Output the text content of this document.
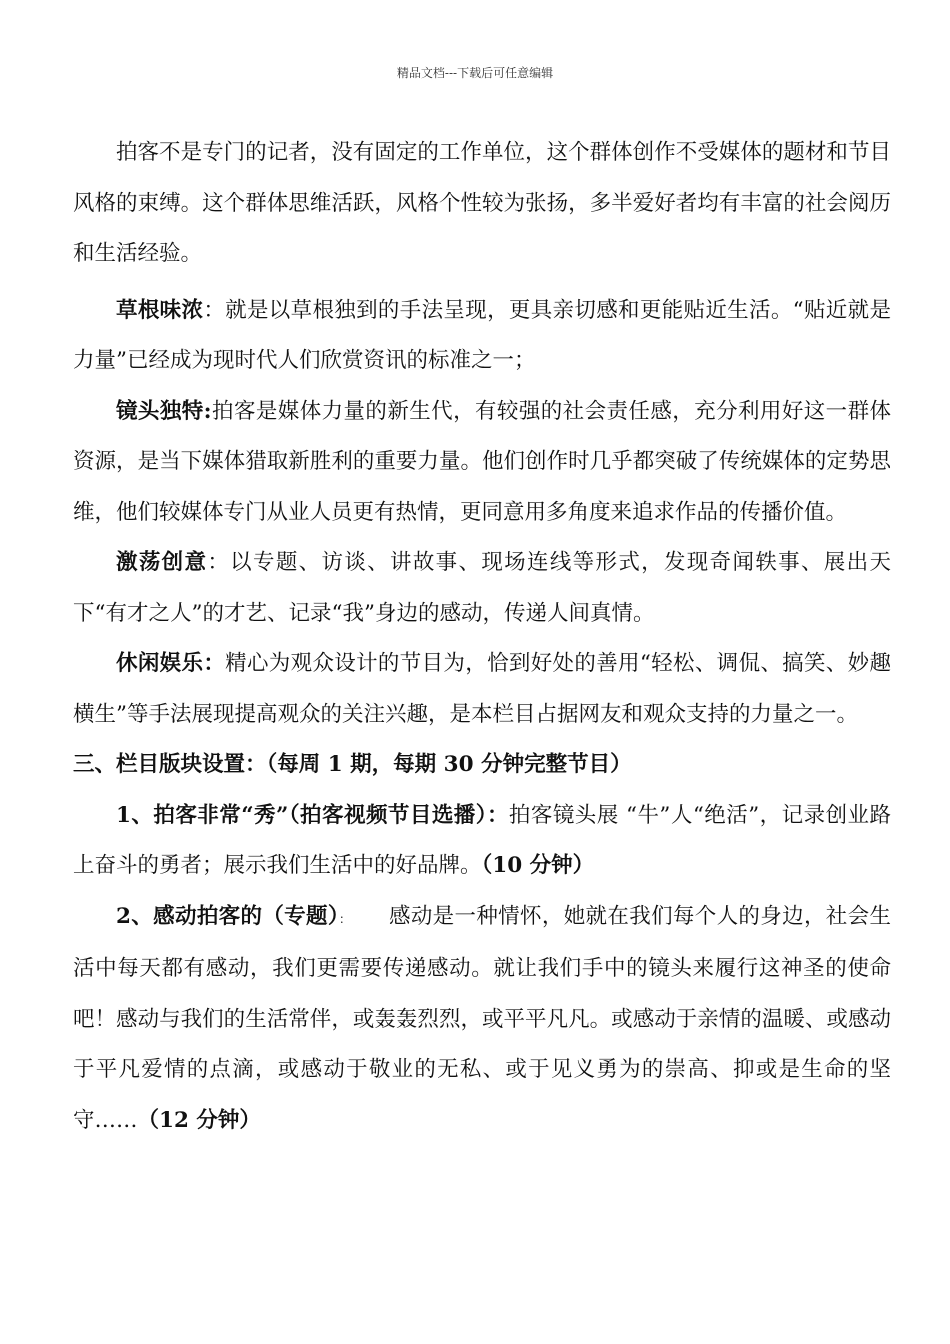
精品文档---下载后可任意编辑

拍客不是专门的记者，没有固定的工作单位，这个群体创作不受媒体的题材和节目风格的束缚。这个群体思维活跃，风格个性较为张扬，多半爱好者均有丰富的社会阅历和生活经验。

草根味浓：就是以草根独到的手法呈现，更具亲切感和更能贴近生活。“贴近就是力量”已经成为现时代人们欣赏资讯的标准之一；

镜头独特:拍客是媒体力量的新生代，有较强的社会责任感，充分利用好这一群体资源，是当下媒体猎取新胜利的重要力量。他们创作时几乎都突破了传统媒体的定势思维，他们较媒体专门从业人员更有热情，更同意用多角度来追求作品的传播价值。

激荡创意：以专题、访谈、讲故事、现场连线等形式，发现奇闻轶事、展出天下“有才之人”的才艺、记录“我”身边的感动，传递人间真情。

休闲娱乐：精心为观众设计的节目为，恰到好处的善用“轻松、调侃、搞笑、妙趣横生”等手法展现提高观众的关注兴趣，是本栏目占据网友和观众支持的力量之一。

三、栏目版块设置：（每周 1 期，每期 30 分钟完整节目）

1、拍客非常“秀”（拍客视频节目选播）：拍客镜头展 “牛”人“绝活”，记录创业路上奋斗的勇者；展示我们生活中的好品牌。（10 分钟）

2、感动拍客的（专题）：　　 感动是一种情怀，她就在我们每个人的身边，社会生活中每天都有感动，我们更需要传递感动。就让我们手中的镜头来履行这神圣的使命吧！感动与我们的生活常伴，或轰轰烈烈，或平平凡凡。或感动于亲情的温暖、或感动于平凡爱情的点滴，或感动于敬业的无私、或于见义勇为的崇高、抑或是生命的坚守……（12 分钟）
